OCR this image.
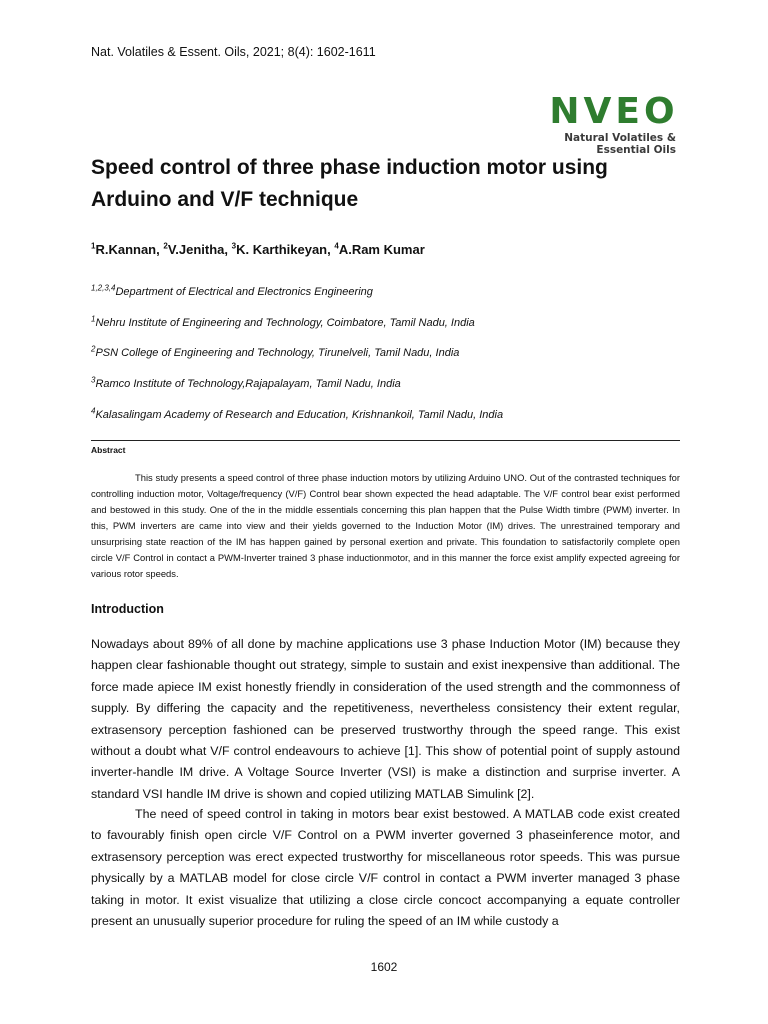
Nat. Volatiles & Essent. Oils, 2021; 8(4): 1602-1611
NVEO
Natural Volatiles &
Essential Oils
Speed control of three phase induction motor using Arduino and V/F technique
$^1$R.Kannan, $^2$V.Jenitha, $^3$K. Karthikeyan, $^4$A.Ram Kumar
$^{1,2,3,4}$Department of Electrical and Electronics Engineering
$^1$Nehru Institute of Engineering and Technology, Coimbatore, Tamil Nadu, India
$^2$PSN College of Engineering and Technology, Tirunelveli, Tamil Nadu, India
$^3$Ramco Institute of Technology,Rajapalayam, Tamil Nadu, India
$^4$Kalasalingam Academy of Research and Education, Krishnankoil, Tamil Nadu, India
Abstract

This study presents a speed control of three phase induction motors by utilizing Arduino UNO. Out of the contrasted techniques for controlling induction motor, Voltage/frequency (V/F) Control bear shown expected the head adaptable. The V/F control bear exist performed and bestowed in this study. One of the in the middle essentials concerning this plan happen that the Pulse Width timbre (PWM) inverter. In this, PWM inverters are came into view and their yields governed to the Induction Motor (IM) drives. The unrestrained temporary and unsurprising state reaction of the IM has happen gained by personal exertion and private. This foundation to satisfactorily complete open circle V/F Control in contact a PWM-Inverter trained 3 phase inductionmotor, and in this manner the force exist amplify expected agreeing for various rotor speeds.

Introduction

Nowadays about 89% of all done by machine applications use 3 phase Induction Motor (IM) because they happen clear fashionable thought out strategy, simple to sustain and exist inexpensive than additional. The force made apiece IM exist honestly friendly in consideration of the used strength and the commonness of supply. By differing the capacity and the repetitiveness, nevertheless consistency their extent regular, extrasensory perception fashioned can be preserved trustworthy through the speed range. This exist without a doubt what V/F control endeavours to achieve [1]. This show of potential point of supply astound inverter-handle IM drive. A Voltage Source Inverter (VSI) is make a distinction and surprise inverter. A standard VSI handle IM drive is shown and copied utilizing MATLAB Simulink [2].

The need of speed control in taking in motors bear exist bestowed. A MATLAB code exist created to favourably finish open circle V/F Control on a PWM inverter governed 3 phaseinference motor, and extrasensory perception was erect expected trustworthy for miscellaneous rotor speeds. This was pursue physically by a MATLAB model for close circle V/F control in contact a PWM inverter managed 3 phase taking in motor. It exist visualize that utilizing a close circle concoct accompanying a equate controller present an unusually superior procedure for ruling the speed of an IM while custody a

1602
